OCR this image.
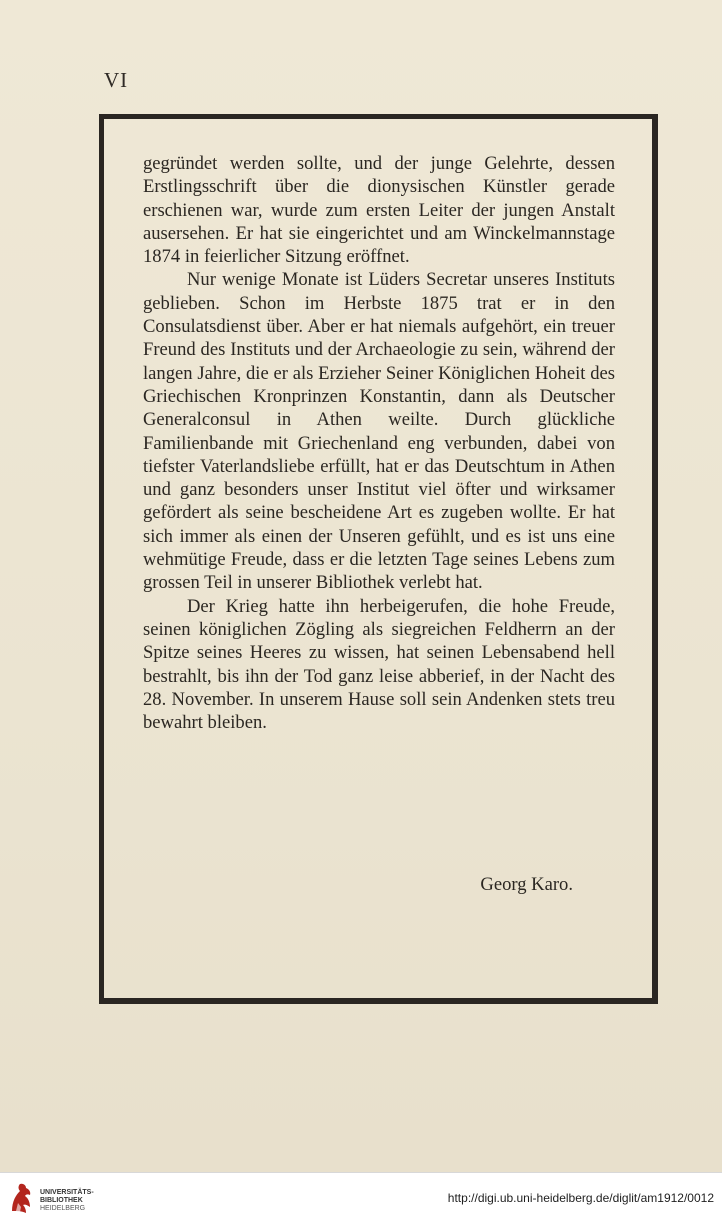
VI

gegründet werden sollte, und der junge Gelehrte, dessen Erstlingsschrift über die dionysischen Künstler gerade erschienen war, wurde zum ersten Leiter der jungen Anstalt ausersehen. Er hat sie eingerichtet und am Winckelmannstage 1874 in feierlicher Sitzung eröffnet.

Nur wenige Monate ist Lüders Secretar unseres Instituts geblieben. Schon im Herbste 1875 trat er in den Consulatsdienst über. Aber er hat niemals aufgehört, ein treuer Freund des Instituts und der Archaeologie zu sein, während der langen Jahre, die er als Erzieher Seiner Königlichen Hoheit des Griechischen Kronprinzen Konstantin, dann als Deutscher Generalconsul in Athen weilte. Durch glückliche Familienbande mit Griechenland eng verbunden, dabei von tiefster Vaterlandsliebe erfüllt, hat er das Deutschtum in Athen und ganz besonders unser Institut viel öfter und wirksamer gefördert als seine bescheidene Art es zugeben wollte. Er hat sich immer als einen der Unseren gefühlt, und es ist uns eine wehmütige Freude, dass er die letzten Tage seines Lebens zum grossen Teil in unserer Bibliothek verlebt hat.

Der Krieg hatte ihn herbeigerufen, die hohe Freude, seinen königlichen Zögling als siegreichen Feldherrn an der Spitze seines Heeres zu wissen, hat seinen Lebensabend hell bestrahlt, bis ihn der Tod ganz leise abberief, in der Nacht des 28. November. In unserem Hause soll sein Andenken stets treu bewahrt bleiben.

Georg Karo.
UNIVERSITÄTS-
BIBLIOTHEK
HEIDELBERG
http://digi.ub.uni-heidelberg.de/diglit/am1912/0012
